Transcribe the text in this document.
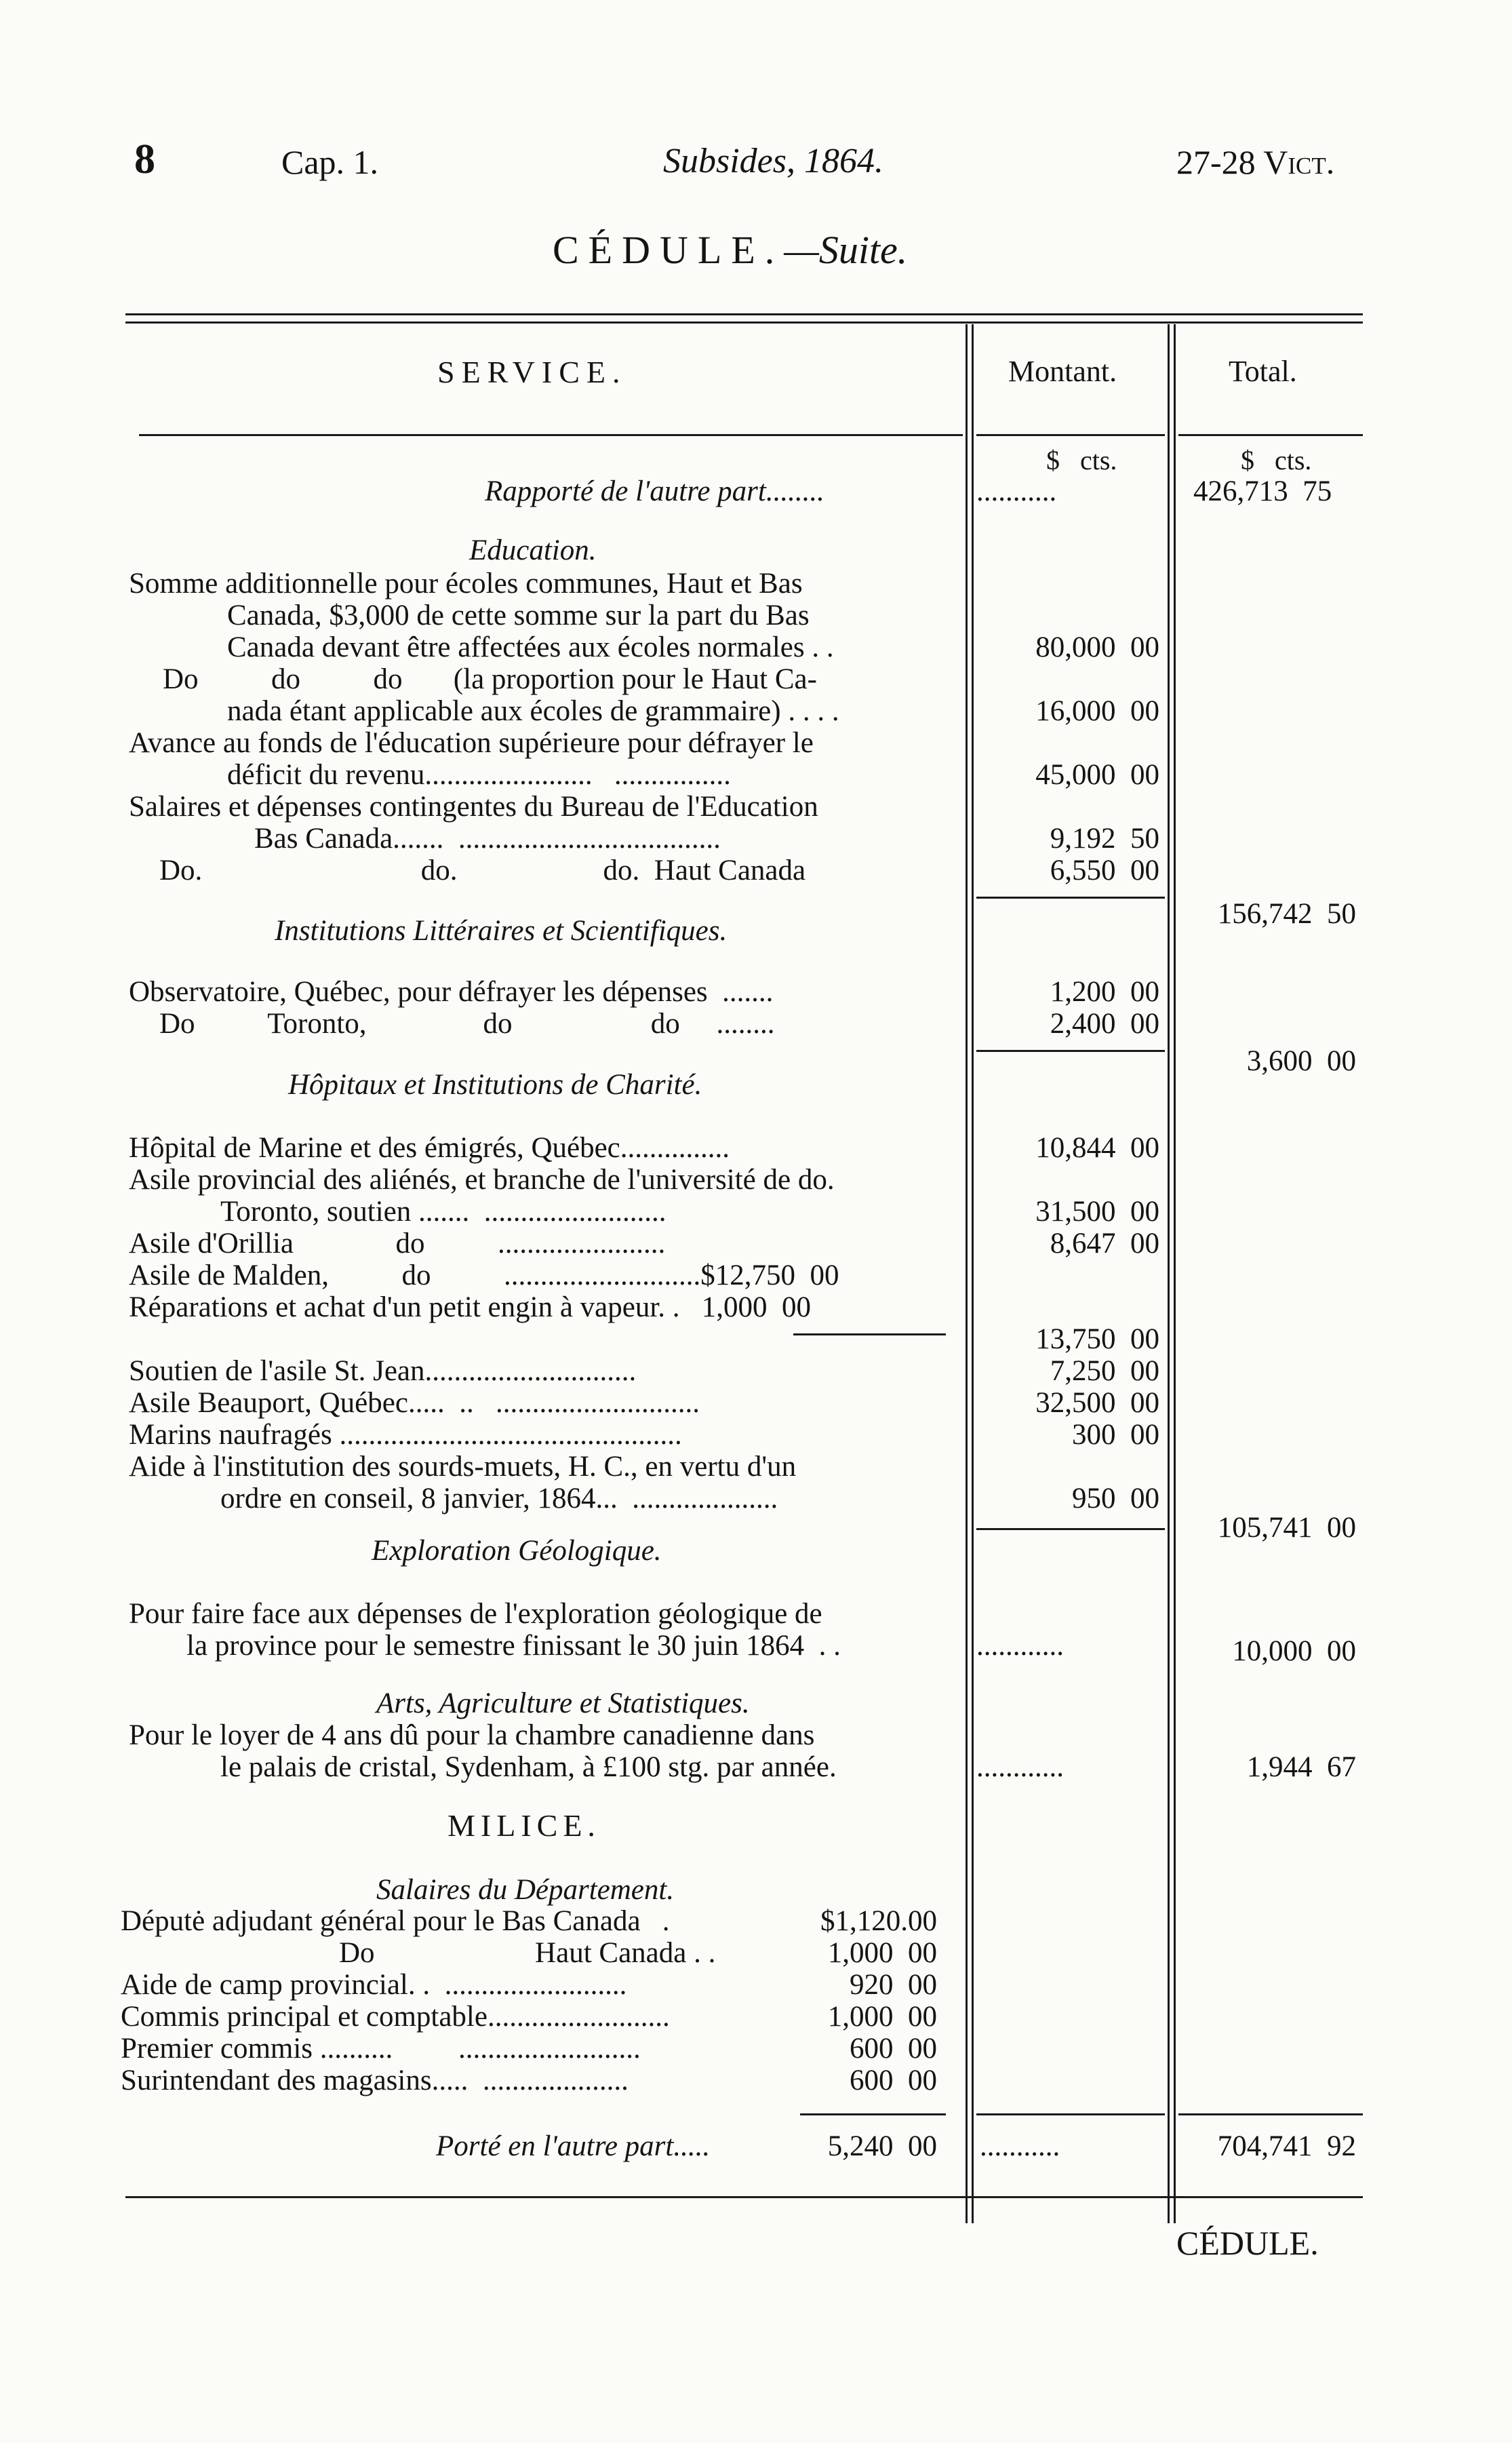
8	Cap. 1.	Subsides, 1864.	27-28 Vict.
CÉDULE.—Suite.
SERVICE.	Montant.	Total.
$   cts.	$   cts.
Rapporté de l'autre part........	...........	426,713  75
Education.
Somme additionnelle pour écoles communes, Haut et Bas
Canada, $3,000 de cette somme sur la part du Bas
Canada devant être affectées aux écoles normales . .	80,000  00
Do          do          do       (la proportion pour le Haut Ca-
nada étant applicable aux écoles de grammaire) . . . .	16,000  00
Avance au fonds de l'éducation supérieure pour défrayer le
déficit du revenu.......................   ................	45,000  00
Salaires et dépenses contingentes du Bureau de l'Education
Bas Canada.......  ....................................	9,192  50
Do.                              do.                    do.  Haut Canada	6,550  00
156,742  50
Institutions Littéraires et Scientifiques.
Observatoire, Québec, pour défrayer les dépenses  .......	1,200  00
Do          Toronto,                do                   do     ........	2,400  00
3,600  00
Hôpitaux et Institutions de Charité.
Hôpital de Marine et des émigrés, Québec...............	10,844  00
Asile provincial des aliénés, et branche de l'université de do.
Toronto, soutien .......  .........................	31,500  00
Asile d'Orillia              do          .......................	8,647  00
Asile de Malden,          do          ...........................$12,750  00
Réparations et achat d'un petit engin à vapeur. .   1,000  00
13,750  00
Soutien de l'asile St. Jean.............................	7,250  00
Asile Beauport, Québec.....  ..   ............................	32,500  00
Marins naufragés ...............................................	300  00
Aide à l'institution des sourds-muets, H. C., en vertu d'un
ordre en conseil, 8 janvier, 1864...  ....................	950  00
105,741  00
Exploration Géologique.
Pour faire face aux dépenses de l'exploration géologique de
la province pour le semestre finissant le 30 juin 1864  . .	............	10,000  00
Arts, Agriculture et Statistiques.
Pour le loyer de 4 ans dû pour la chambre canadienne dans
le palais de cristal, Sydenham, à £100 stg. par année.	............	1,944  67
MILICE.
Salaires du Département.
Députė adjudant général pour le Bas Canada   .	$1,120.00
Do                      Haut Canada . .	1,000  00
Aide de camp provincial. .  .........................	920  00
Commis principal et comptable.........................	1,000  00
Premier commis ..........         .........................	600  00
Surintendant des magasins.....  ....................	600  00
Porté en l'autre part.....	5,240  00 ...........	704,741  92
CÉDULE.
